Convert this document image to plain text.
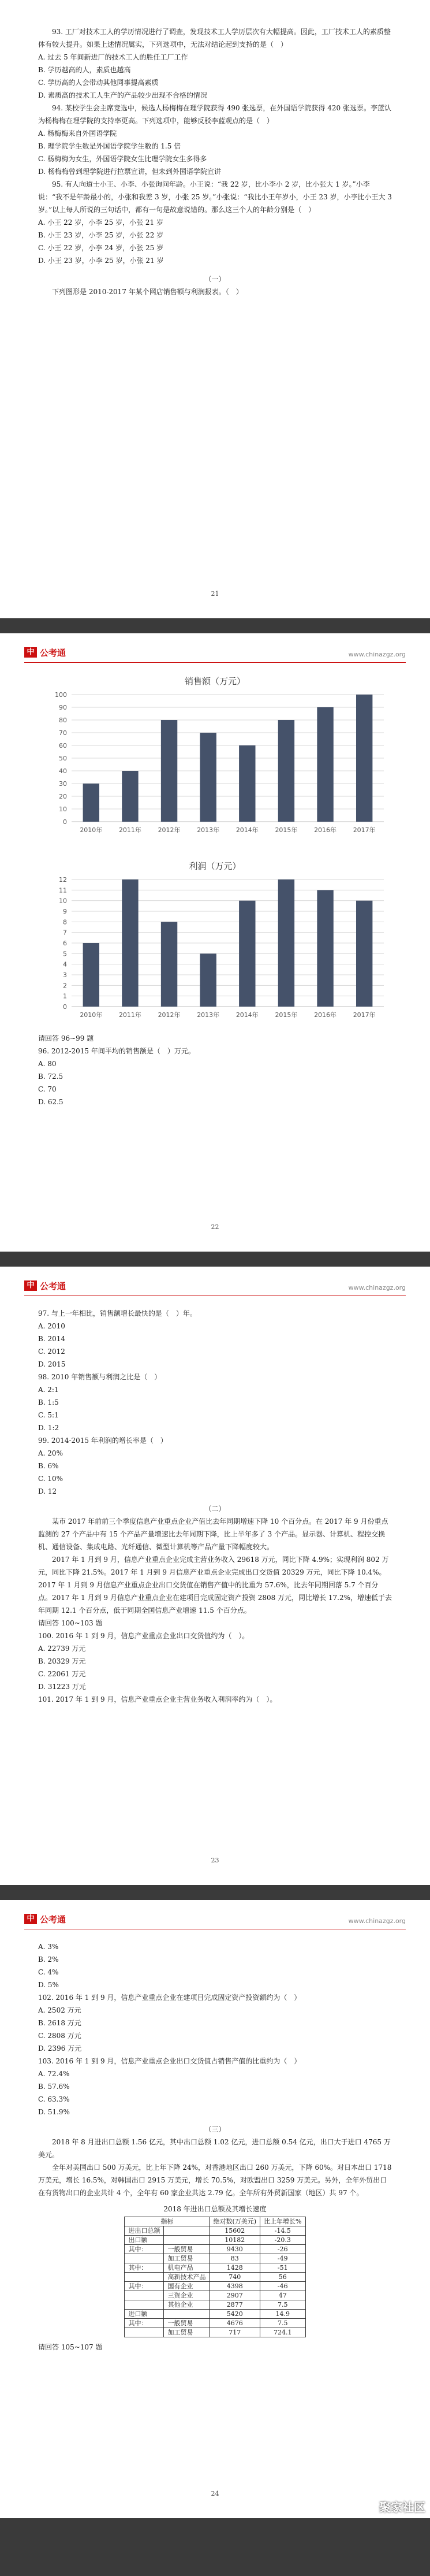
93. 工厂对技术工人的学历情况进行了调查，发现技术工人学历层次有大幅提高。因此，工厂技术工人的素质整体有较大提升。如果上述情况属实，下列选项中，无法对结论起到支持的是（　）

A. 过去 5 年间新进厂的技术工人的胜任工厂工作

B. 学历越高的人，素质也越高

C. 学历高的人会带动其他同事提高素质

D. 素质高的技术工人生产的产品较少出现不合格的情况

94. 某校学生会主席竞选中，候选人杨梅梅在理学院获得 490 张选票，在外国语学院获得 420 张选票。李蓝认为杨梅梅在理学院的支持率更高。下列选项中，能够反驳李蓝观点的是（　）

A. 杨梅梅来自外国语学院

B. 理学院学生数是外国语学院学生数的 1.5 倍

C. 杨梅梅为女生，外国语学院女生比理学院女生多得多

D. 杨梅梅曾到理学院进行拉票宣讲，但未到外国语学院宣讲

95. 有人向道士小王、小李、小张询问年龄。小王说：“我 22 岁，比小李小 2 岁，比小张大 1 岁。”小李说：“我不是年龄最小的，小张和我差 3 岁，小张 25 岁。”小张说：“我比小王年岁小，小王 23 岁，小李比小王大 3 岁。”以上每人所说的三句话中，都有一句是故意说错的。那么这三个人的年龄分别是（　）

A. 小王 22 岁，小李 25 岁，小张 21 岁

B. 小王 23 岁，小李 25 岁，小张 22 岁

C. 小王 22 岁，小李 24 岁，小张 25 岁

D. 小王 23 岁，小李 25 岁，小张 21 岁

（一）

下列图形是 2010-2017 年某个网店销售额与利润报表。（　）

21
中 公考通	www.chinazgz.org
销售额（万元）
0
10
20
30
40
50
60
70
80
90
100
2010年	2011年	2012年	2013年	2014年	2015年	2016年	2017年
利润（万元）
0
1
2
3
4
5
6
7
8
9
10
11
12
2010年	2011年	2012年	2013年	2014年	2015年	2016年	2017年

请回答 96~99 题

96. 2012-2015 年间平均的销售额是（　）万元。

A. 80

B. 72.5

C. 70

D. 62.5

22
中 公考通	www.chinazgz.org

97. 与上一年相比，销售额增长最快的是（　）年。

A. 2010

B. 2014

C. 2012

D. 2015

98. 2010 年销售额与利润之比是（　）

A. 2:1

B. 1:5

C. 5:1

D. 1:2

99. 2014-2015 年利润的增长率是（　）

A. 20%

B. 6%

C. 10%

D. 12

（二）

某市 2017 年前前三个季度信息产业重点企业产值比去年同期增速下降 10 个百分点。在 2017 年 9 月份重点监测的 27 个产品中有 15 个产品产量增速比去年同期下降，比上半年多了 3 个产品。显示器、计算机、程控交换机、通信设备、集成电路、光纤通信、微型计算机等产品产量下降幅度较大。

2017 年 1 月到 9 月，信息产业重点企业完成主营业务收入 29618 万元，同比下降 4.9%；实现利润 802 万元，同比下降 21.5%。2017 年 1 月到 9 月信息产业重点企业完成出口交货值 20329 万元，同比下降 10.4%。2017 年 1 月到 9 月信息产业重点企业出口交货值在销售产值中的比重为 57.6%，比去年同期回落 5.7 个百分点。2017 年 1 月到 9 月信息产业重点企业在建项目完成固定资产投资 2808 万元，同比增长 17.2%，增速低于去年同期 12.1 个百分点，低于同期全国信息产业增速 11.5 个百分点。

请回答 100~103 题

100. 2016 年 1 到 9 月，信息产业重点企业出口交货值约为（　）。

A. 22739 万元

B. 20329 万元

C. 22061 万元

D. 31223 万元

101. 2017 年 1 到 9 月，信息产业重点企业主营业务收入利润率约为（　）。

23
中 公考通	www.chinazgz.org

A. 3%

B. 2%

C. 4%

D. 5%

102. 2016 年 1 到 9 月，信息产业重点企业在建项目完成固定资产投资额约为（　）

A. 2502 万元

B. 2618 万元

C. 2808 万元

D. 2396 万元

103. 2016 年 1 到 9 月，信息产业重点企业出口交货值占销售产值的比重约为（　）

A. 72.4%

B. 57.6%

C. 63.3%

D. 51.9%

（三）

2018 年 8 月进出口总额 1.56 亿元，其中出口总额 1.02 亿元，进口总额 0.54 亿元，出口大于进口 4765 万美元。

全年对美国出口 500 万美元，比上年下降 24%，对香港地区出口 260 万美元，下降 60%。对日本出口 1718 万美元，增长 16.5%，对韩国出口 2915 万美元，增长 70.5%，对欧盟出口 3259 万美元。另外，全年外贸出口在有货物出口的企业共计 4 个，全年有 60 家企业共达 2.79 亿。全年所有外贸新国家（地区）共 97 个。

2018 年进出口总额及其增长速度
指标		绝对数(万美元)	比上年增长%
进出口总额		15602	-14.5
出口额		10182	-20.3
其中：	一般贸易	9430	-26
	加工贸易	83	-49
其中：	机电产品	1428	-51
	高新技术产品	740	56
其中：	国有企业	4398	-46
	三资企业	2907	47
	其他企业	2877	7.5
进口额		5420	14.9
其中：	一般贸易	4676	7.5
	加工贸易	717	724.1

请回答 105~107 题

24
聚家社区
